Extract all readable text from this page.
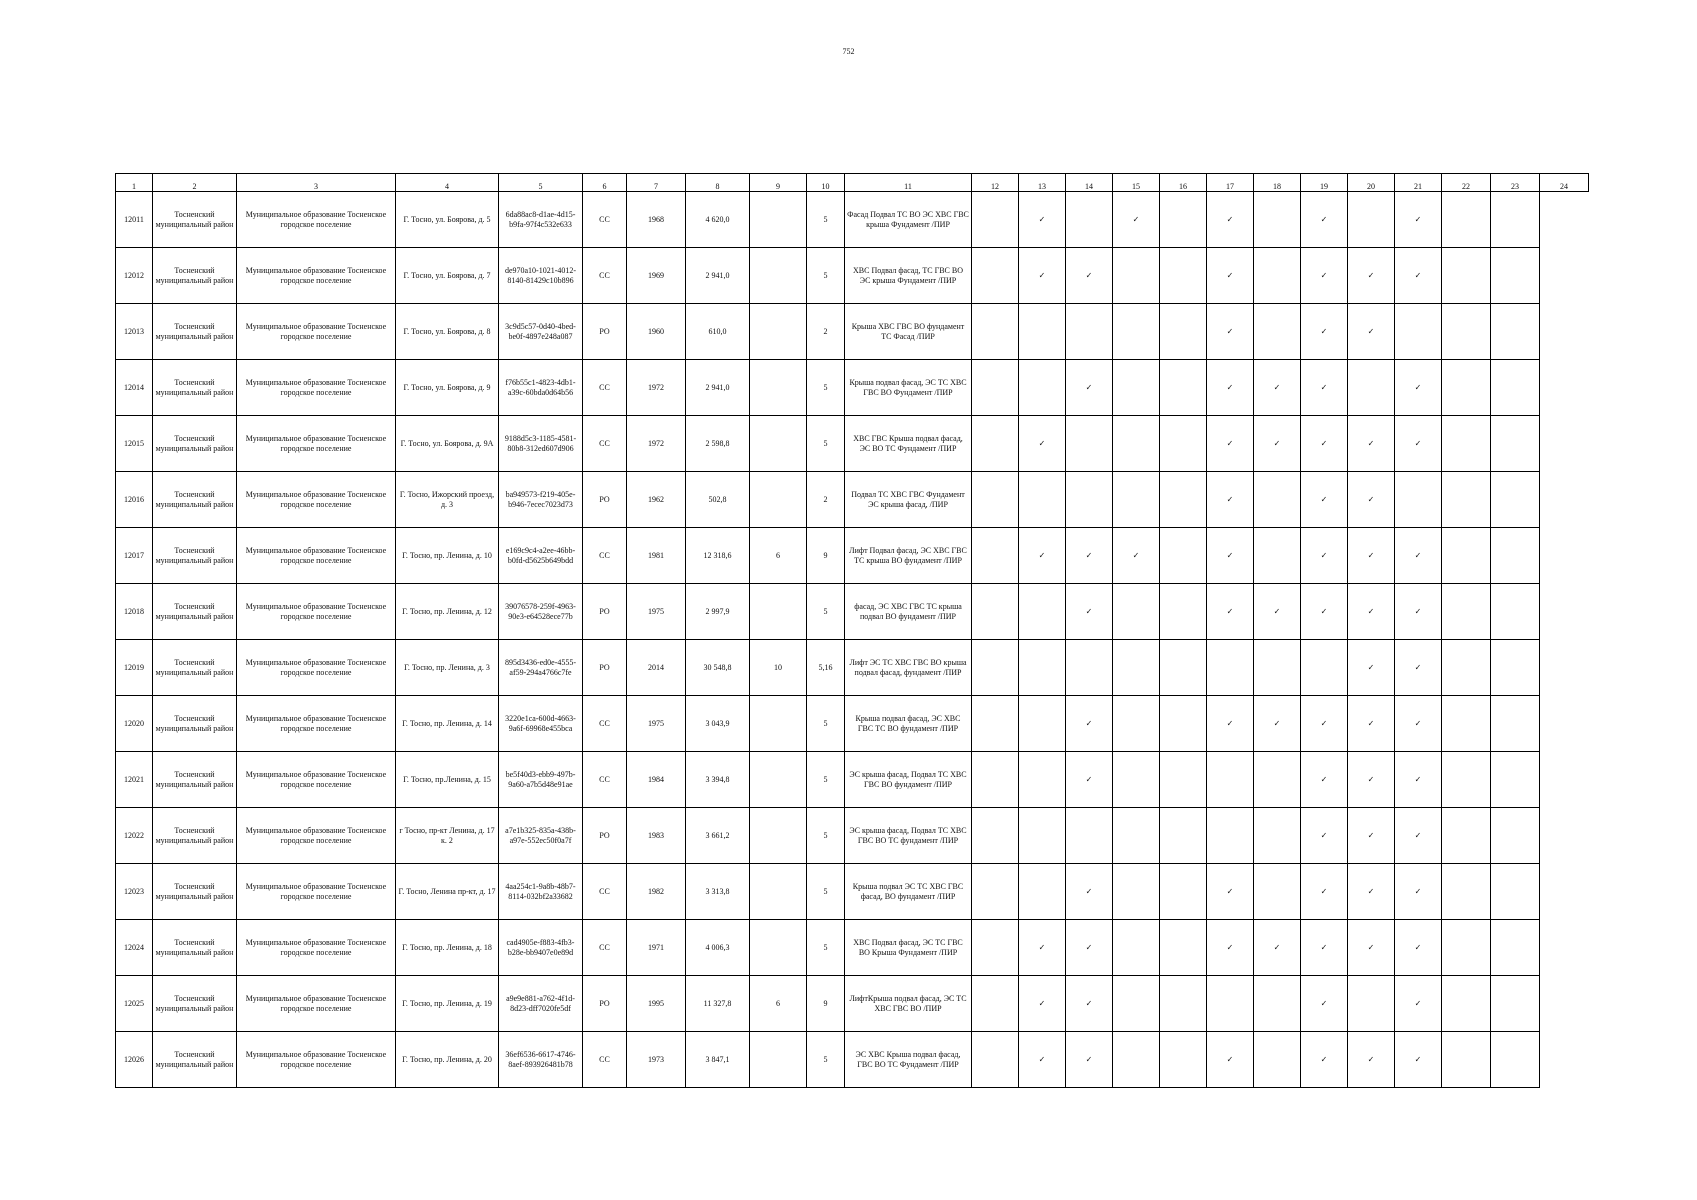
752
1	2	3	4	5	6	7	8	9	10	11	12	13	14	15	16	17	18	19	20	21	22	23	24
12011	Тосненский муниципальный район	Муниципальное образование Тосненское городское поселение	Г. Тосно, ул. Боярова, д. 5	6da88ac8-d1ae-4d15-b9fa-97f4c532e633	СС	1968	4 620,0		5	Фасад Подвал ТС ВО ЭС ХВС ГВС крыша Фундамент /ПИР		✓		✓		✓		✓		✓			
12012	Тосненский муниципальный район	Муниципальное образование Тосненское городское поселение	Г. Тосно, ул. Боярова, д. 7	de970a10-1021-4012-8140-81429c10b896	СС	1969	2 941,0		5	ХВС Подвал фасад, ТС ГВС ВО ЭС крыша Фундамент /ПИР		✓	✓			✓		✓	✓	✓			
12013	Тосненский муниципальный район	Муниципальное образование Тосненское городское поселение	Г. Тосно, ул. Боярова, д. 8	3c9d5c57-0d40-4bed-be0f-4897e248a087	РО	1960	610,0		2	Крыша ХВС ГВС ВО фундамент ТС Фасад /ПИР						✓		✓	✓				
12014	Тосненский муниципальный район	Муниципальное образование Тосненское городское поселение	Г. Тосно, ул. Боярова, д. 9	f76b55c1-4823-4db1-a39c-60bda0d64b56	СС	1972	2 941,0		5	Крыша подвал фасад, ЭС ТС ХВС ГВС ВО Фундамент /ПИР			✓			✓	✓	✓		✓			
12015	Тосненский муниципальный район	Муниципальное образование Тосненское городское поселение	Г. Тосно, ул. Боярова, д. 9А	9188d5c3-1185-4581-80b8-312ed607d906	СС	1972	2 598,8		5	ХВС ГВС Крыша подвал фасад, ЭС ВО ТС Фундамент /ПИР		✓				✓	✓	✓	✓	✓			
12016	Тосненский муниципальный район	Муниципальное образование Тосненское городское поселение	Г. Тосно, Ижорский проезд, д. 3	ba949573-f219-405e-b946-7ecec7023d73	РО	1962	502,8		2	Подвал ТС ХВС ГВС Фундамент ЭС крыша фасад, /ПИР						✓		✓	✓				
12017	Тосненский муниципальный район	Муниципальное образование Тосненское городское поселение	Г. Тосно, пр. Ленина, д. 10	e169c9c4-a2ee-46bb-b0fd-d5625b649bdd	СС	1981	12 318,6	6	9	Лифт Подвал фасад, ЭС ХВС ГВС ТС крыша ВО фундамент /ПИР		✓	✓	✓		✓		✓	✓	✓			
12018	Тосненский муниципальный район	Муниципальное образование Тосненское городское поселение	Г. Тосно, пр. Ленина, д. 12	39076578-259f-4963-90e3-e64528ece77b	РО	1975	2 997,9		5	фасад, ЭС ХВС ГВС ТС крыша подвал ВО фундамент /ПИР			✓			✓	✓	✓	✓	✓			
12019	Тосненский муниципальный район	Муниципальное образование Тосненское городское поселение	Г. Тосно, пр. Ленина, д. 3	895d3436-ed0e-4555-af59-294a4766c7fe	РО	2014	30 548,8	10	5,16	Лифт ЭС ТС ХВС ГВС ВО крыша подвал фасад, фундамент /ПИР									✓	✓			
12020	Тосненский муниципальный район	Муниципальное образование Тосненское городское поселение	Г. Тосно, пр. Ленина, д. 14	3220e1ca-600d-4663-9a6f-69968e455bca	СС	1975	3 043,9		5	Крыша подвал фасад, ЭС ХВС ГВС ТС ВО фундамент /ПИР			✓			✓	✓	✓	✓	✓			
12021	Тосненский муниципальный район	Муниципальное образование Тосненское городское поселение	Г. Тосно, пр.Ленина, д. 15	be5f40d3-ebb9-497b-9a60-a7b5d48e91ae	СС	1984	3 394,8		5	ЭС крыша фасад, Подвал ТС ХВС ГВС ВО фундамент /ПИР			✓					✓	✓	✓			
12022	Тосненский муниципальный район	Муниципальное образование Тосненское городское поселение	г Тосно, пр-кт Ленина, д. 17 к. 2	a7e1b325-835a-438b-a97e-552ec50f0a7f	РО	1983	3 661,2		5	ЭС крыша фасад, Подвал ТС ХВС ГВС ВО ТС фундамент /ПИР								✓	✓	✓			
12023	Тосненский муниципальный район	Муниципальное образование Тосненское городское поселение	Г. Тосно, Ленина пр-кт, д. 17	4aa254c1-9a8b-48b7-8114-032bf2a33682	СС	1982	3 313,8		5	Крыша подвал ЭС ТС ХВС ГВС фасад, ВО фундамент /ПИР			✓			✓		✓	✓	✓			
12024	Тосненский муниципальный район	Муниципальное образование Тосненское городское поселение	Г. Тосно, пр. Ленина, д. 18	cad4905e-f883-4fb3-b28e-bb9407e0e89d	СС	1971	4 006,3		5	ХВС Подвал фасад, ЭС ТС ГВС ВО Крыша Фундамент /ПИР		✓	✓			✓	✓	✓	✓	✓			
12025	Тосненский муниципальный район	Муниципальное образование Тосненское городское поселение	Г. Тосно, пр. Ленина, д. 19	a9e9e881-a762-4f1d-8d23-dff7020fe5df	РО	1995	11 327,8	6	9	ЛифтКрыша подвал фасад, ЭС ТС ХВС ГВС ВО /ПИР		✓	✓					✓		✓			
12026	Тосненский муниципальный район	Муниципальное образование Тосненское городское поселение	Г. Тосно, пр. Ленина, д. 20	36ef6536-6617-4746-8aef-893926481b78	СС	1973	3 847,1		5	ЭС ХВС Крыша подвал фасад, ГВС ВО ТС Фундамент /ПИР		✓	✓			✓		✓	✓	✓			
